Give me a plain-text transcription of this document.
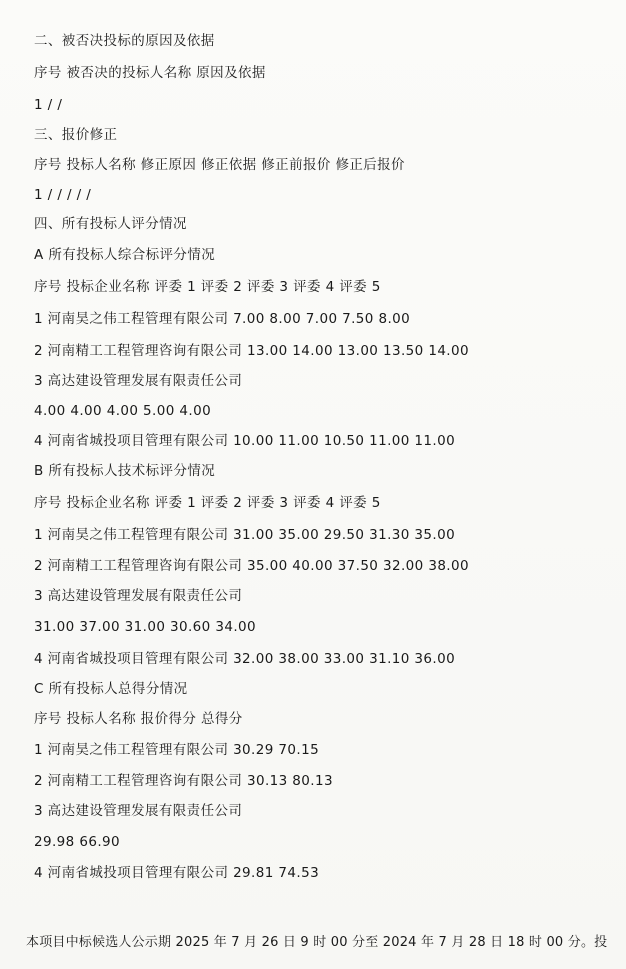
二、被否决投标的原因及依据
序号 被否决的投标人名称 原因及依据
1 / /
三、报价修正
序号 投标人名称 修正原因 修正依据 修正前报价 修正后报价
1 / / / / /
四、所有投标人评分情况
A 所有投标人综合标评分情况
序号 投标企业名称 评委 1 评委 2 评委 3 评委 4 评委 5
1 河南昊之伟工程管理有限公司 7.00 8.00 7.00 7.50 8.00
2 河南精工工程管理咨询有限公司 13.00 14.00 13.00 13.50 14.00
3 高达建设管理发展有限责任公司
4.00 4.00 4.00 5.00 4.00
4 河南省城投项目管理有限公司 10.00 11.00 10.50 11.00 11.00
B 所有投标人技术标评分情况
序号 投标企业名称 评委 1 评委 2 评委 3 评委 4 评委 5
1 河南昊之伟工程管理有限公司 31.00 35.00 29.50 31.30 35.00
2 河南精工工程管理咨询有限公司 35.00 40.00 37.50 32.00 38.00
3 高达建设管理发展有限责任公司
31.00 37.00 31.00 30.60 34.00
4 河南省城投项目管理有限公司 32.00 38.00 33.00 31.10 36.00
C 所有投标人总得分情况
序号 投标人名称 报价得分 总得分
1 河南昊之伟工程管理有限公司 30.29 70.15
2 河南精工工程管理咨询有限公司 30.13 80.13
3 高达建设管理发展有限责任公司
29.98 66.90
4 河南省城投项目管理有限公司 29.81 74.53
本项目中标候选人公示期 2025 年 7 月 26 日 9 时 00 分至 2024 年 7 月 28 日 18 时 00 分。投
